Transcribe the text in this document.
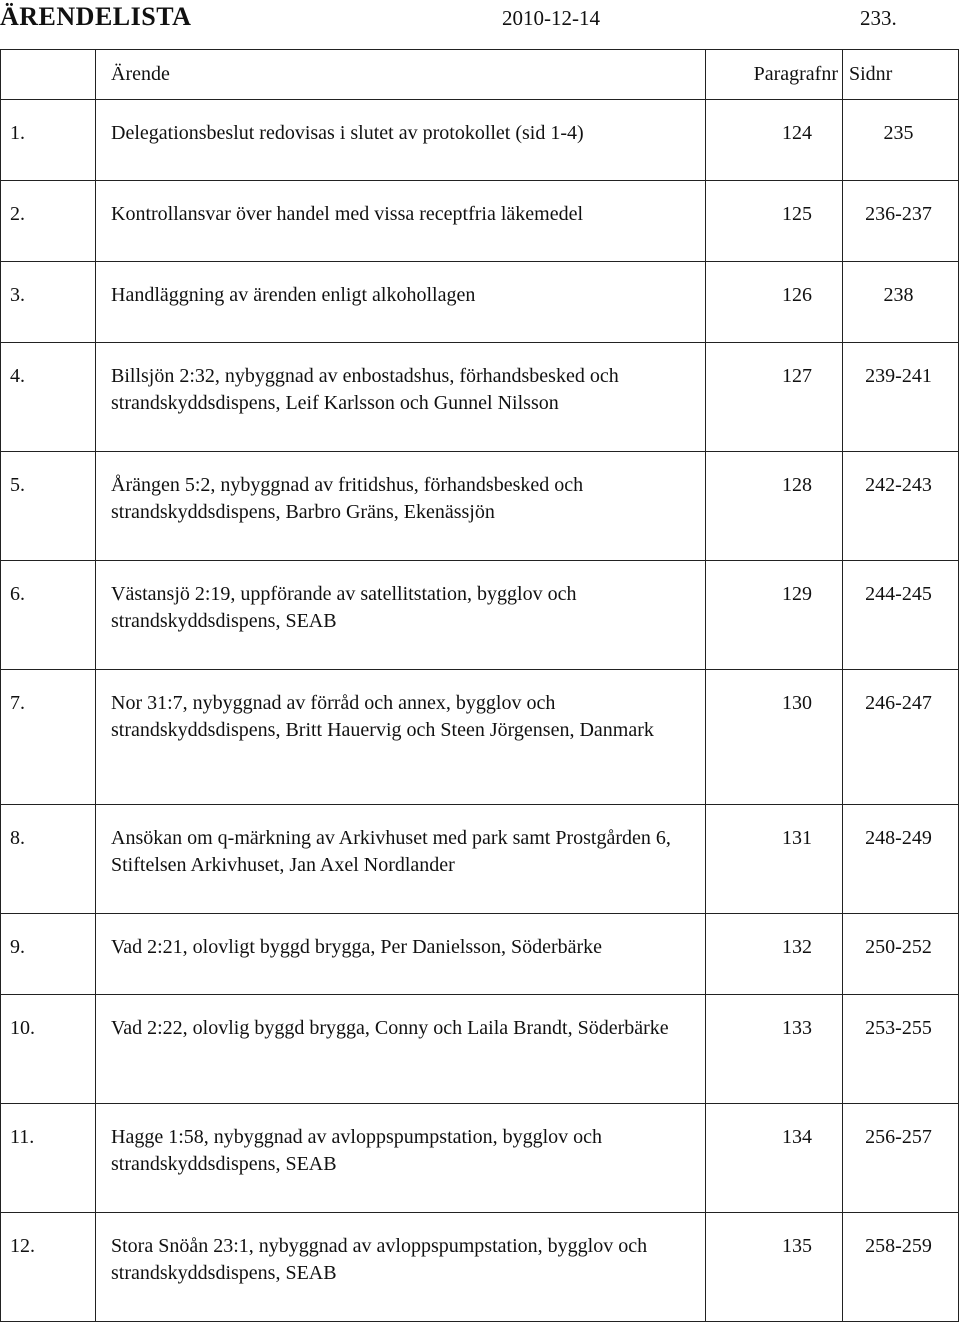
ÄRENDELISTA	2010-12-14	233.
	Ärende	Paragrafnr	Sidnr
1.	Delegationsbeslut redovisas i slutet av protokollet (sid 1-4)	124	235
2.	Kontrollansvar över handel med vissa receptfria läkemedel	125	236-237
3.	Handläggning av ärenden enligt alkohollagen	126	238
4.	Billsjön 2:32, nybyggnad av enbostadshus, förhandsbesked och strandskyddsdispens, Leif Karlsson och Gunnel Nilsson	127	239-241
5.	Årängen 5:2, nybyggnad av fritidshus, förhandsbesked och strandskyddsdispens, Barbro Gräns, Ekenässjön	128	242-243
6.	Västansjö 2:19, uppförande av satellitstation, bygglov och strandskyddsdispens, SEAB	129	244-245
7.	Nor 31:7, nybyggnad av förråd och annex, bygglov och strandskyddsdispens, Britt Hauervig och Steen Jörgensen, Danmark	130	246-247
8.	Ansökan om q-märkning av Arkivhuset med park samt Prostgården 6, Stiftelsen Arkivhuset, Jan Axel Nordlander	131	248-249
9.	Vad 2:21, olovligt byggd brygga, Per Danielsson, Söderbärke	132	250-252
10.	Vad 2:22, olovlig byggd brygga, Conny och Laila Brandt, Söderbärke	133	253-255
11.	Hagge 1:58, nybyggnad av avloppspumpstation, bygglov och strandskyddsdispens, SEAB	134	256-257
12.	Stora Snöån 23:1, nybyggnad av avloppspumpstation, bygglov och strandskyddsdispens, SEAB	135	258-259
